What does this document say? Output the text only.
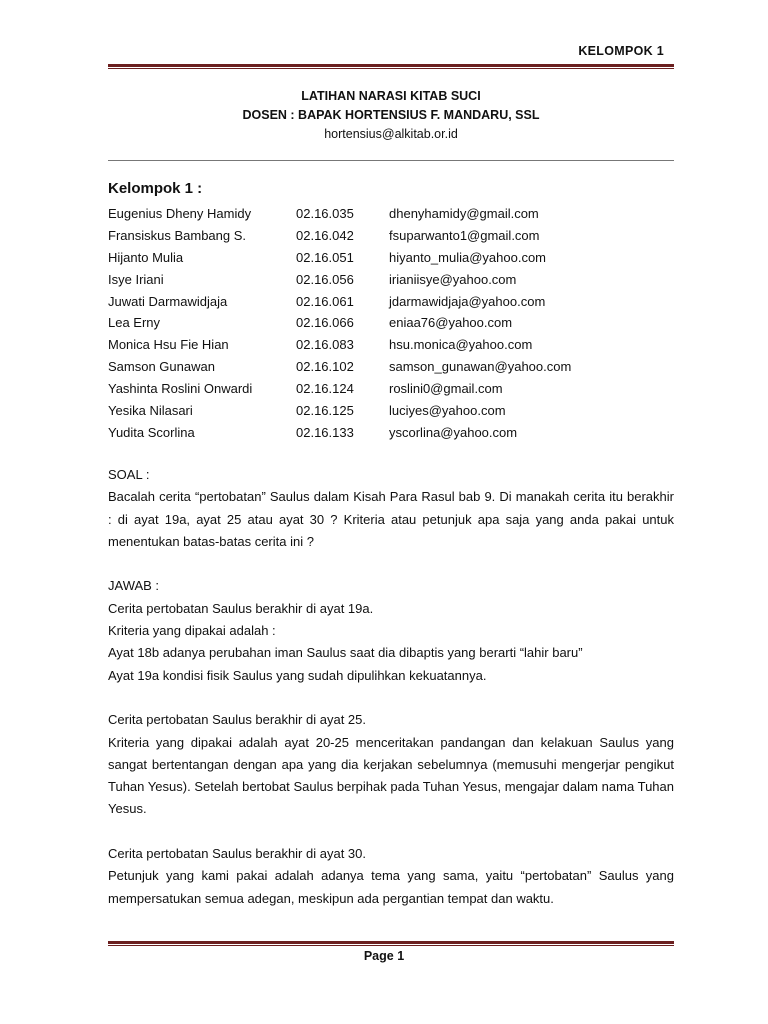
KELOMPOK 1
LATIHAN NARASI KITAB SUCI
DOSEN : BAPAK HORTENSIUS F. MANDARU, SSL
hortensius@alkitab.or.id
Kelompok 1 :
Eugenius Dheny Hamidy	02.16.035	dhenyhamidy@gmail.com
Fransiskus Bambang S.	02.16.042	fsuparwanto1@gmail.com
Hijanto Mulia	02.16.051	hiyanto_mulia@yahoo.com
Isye Iriani	02.16.056	irianiisye@yahoo.com
Juwati Darmawidjaja	02.16.061	jdarmawidjaja@yahoo.com
Lea Erny	02.16.066	eniaa76@yahoo.com
Monica Hsu Fie Hian	02.16.083	hsu.monica@yahoo.com
Samson Gunawan	02.16.102	samson_gunawan@yahoo.com
Yashinta Roslini Onwardi	02.16.124	roslini0@gmail.com
Yesika Nilasari	02.16.125	luciyes@yahoo.com
Yudita Scorlina	02.16.133	yscorlina@yahoo.com

SOAL :

Bacalah cerita “pertobatan” Saulus dalam Kisah Para Rasul bab 9. Di manakah cerita itu berakhir : di ayat 19a, ayat 25 atau ayat 30 ? Kriteria atau petunjuk apa saja yang anda pakai untuk menentukan batas-batas cerita ini ?

JAWAB :

Cerita pertobatan Saulus berakhir di ayat 19a.

Kriteria yang dipakai adalah :

Ayat 18b adanya perubahan iman Saulus saat dia dibaptis yang berarti “lahir baru”

Ayat 19a kondisi fisik Saulus yang sudah dipulihkan kekuatannya.

Cerita pertobatan Saulus berakhir di ayat 25.

Kriteria yang dipakai adalah ayat 20-25 menceritakan pandangan dan kelakuan Saulus yang sangat bertentangan dengan apa yang dia kerjakan sebelumnya (memusuhi mengerjar pengikut Tuhan Yesus). Setelah bertobat Saulus berpihak pada Tuhan Yesus, mengajar dalam nama Tuhan Yesus.

Cerita pertobatan Saulus berakhir di ayat 30.

Petunjuk yang kami pakai adalah adanya tema yang sama, yaitu “pertobatan” Saulus yang mempersatukan semua adegan, meskipun ada pergantian tempat dan waktu.

Page 1
